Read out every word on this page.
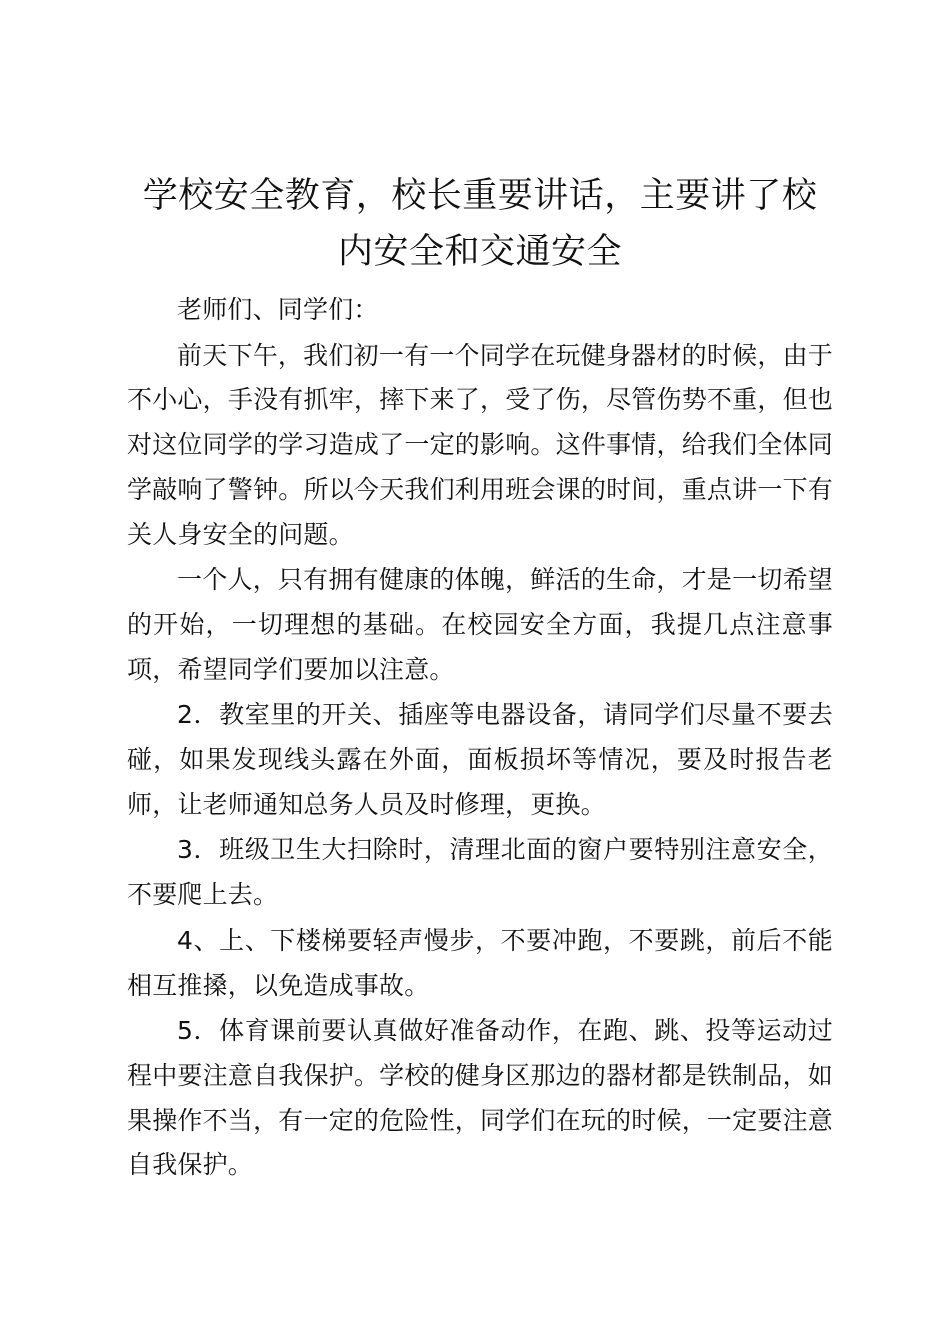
学校安全教育，校长重要讲话，主要讲了校内安全和交通安全

老师们、同学们：

前天下午，我们初一有一个同学在玩健身器材的时候，由于不小心，手没有抓牢，摔下来了，受了伤，尽管伤势不重，但也对这位同学的学习造成了一定的影响。这件事情，给我们全体同学敲响了警钟。所以今天我们利用班会课的时间，重点讲一下有关人身安全的问题。

一个人，只有拥有健康的体魄，鲜活的生命，才是一切希望的开始，一切理想的基础。在校园安全方面，我提几点注意事项，希望同学们要加以注意。

2．教室里的开关、插座等电器设备，请同学们尽量不要去碰，如果发现线头露在外面，面板损坏等情况，要及时报告老师，让老师通知总务人员及时修理，更换。

3．班级卫生大扫除时，清理北面的窗户要特别注意安全，不要爬上去。

4、上、下楼梯要轻声慢步，不要冲跑，不要跳，前后不能相互推搡，以免造成事故。

5．体育课前要认真做好准备动作，在跑、跳、投等运动过程中要注意自我保护。学校的健身区那边的器材都是铁制品，如果操作不当，有一定的危险性，同学们在玩的时候，一定要注意自我保护。
